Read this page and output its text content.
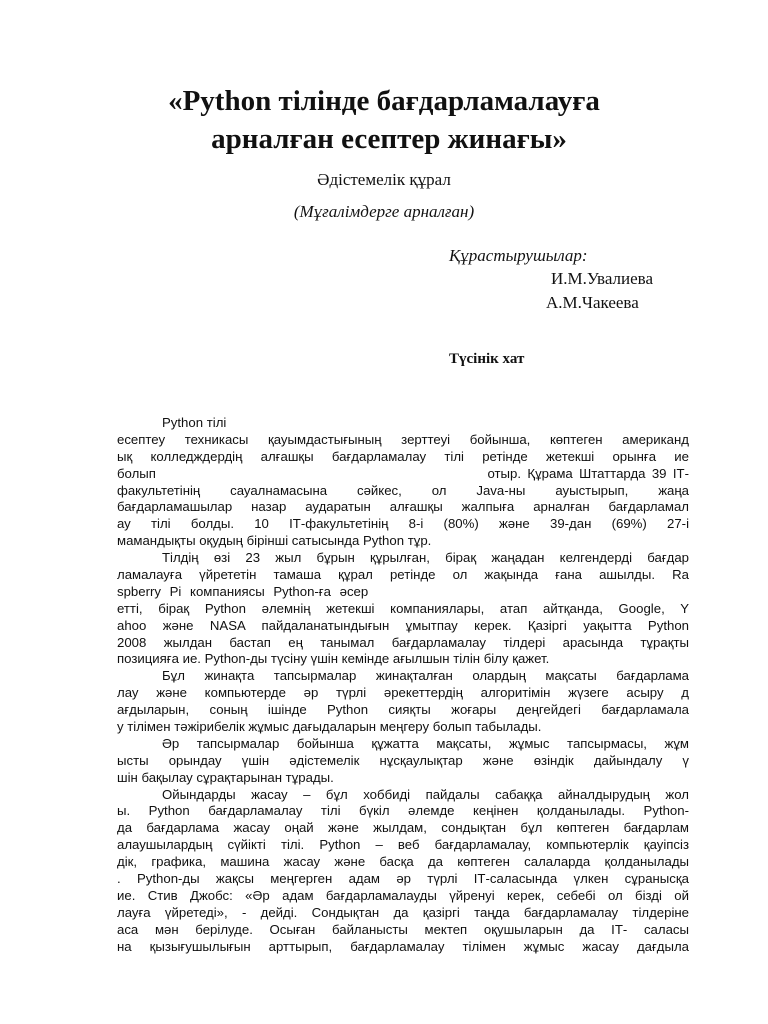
«Python тілінде бағдарламалауға
арналған есептер жинағы»
Әдістемелік құрал
(Мұғалімдерге арналған)
Құрастырушылар:
И.М.Увалиева
А.М.Чакеева
Түсінік хат
Python тілі
есептеу техникасы қауымдастығының зерттеуі бойынша, көптеген американд
ық колледждердің алғашқы бағдарламалау тілі ретінде жетекші орынға ие
болып                                                    отыр. Құрама Штаттарда 39 ІТ-
факультетінің сауалнамасына сәйкес, ол Java-ны ауыстырып, жаңа
бағдарламашылар назар аударатын алғашқы жалпыға арналған бағдарламал
ау тілі болды. 10 ІТ-факультетінің 8-і (80%) және 39-дан (69%) 27-і
мамандықты оқудың бірінші сатысында Python тұр.
Тілдің өзі 23 жыл бұрын құрылған, бірақ жаңадан келгендерді бағдар
ламалауға үйрететін тамаша құрал ретінде ол жақында ғана ашылды. Ra
spberry Pi компаниясы Python-ға әсер
етті, бірақ Python әлемнің жетекші компаниялары, атап айтқанда, Google, Y
ahoo және NASA пайдаланатындығын ұмытпау керек. Қазіргі уақытта Python
2008 жылдан бастап ең танымал бағдарламалау тілдері арасында тұрақты
позицияға ие. Python-ды түсіну үшін кемінде ағылшын тілін білу қажет.
Бұл жинақта тапсырмалар жинақталған олардың мақсаты бағдарлама
лау және компьютерде әр түрлі әрекеттердің алгоритімін жүзеге асыру д
ағдыларын, соның ішінде Python сияқты жоғары деңгейдегі бағдарламала
у тілімен тәжірибелік жұмыс дағыдаларын меңгеру болып табылады.
Әр тапсырмалар бойынша құжатта мақсаты, жұмыс тапсырмасы, жұм
ысты орындау үшін әдістемелік нұсқаулықтар және өзіндік дайындалу ү
шін бақылау сұрақтарынан тұрады.
Ойындарды жасау – бұл хоббиді пайдалы сабаққа айналдырудың жол
ы. Python бағдарламалау тілі бүкіл әлемде кеңінен қолданылады. Python-
да бағдарлама жасау оңай және жылдам, сондықтан бұл көптеген бағдарлам
алаушылардың сүйікті тілі. Python – веб бағдарламалау, компьютерлік қауіпсіз
дік, графика, машина жасау және басқа да көптеген салаларда қолданылады
. Python-ды жақсы меңгерген адам әр түрлі ІТ-саласында үлкен сұранысқа
ие. Стив Джобс: «Әр адам бағдарламалауды үйренуі керек, себебі ол бізді ой
лауға үйретеді», - дейді. Сондықтан да қазіргі таңда бағдарламалау тілдеріне
аса мән берілуде. Осыған байланысты мектеп оқушыларын да ІТ- саласы
на қызығушылығын арттырып, бағдарламалау тілімен жұмыс жасау дағдыла
